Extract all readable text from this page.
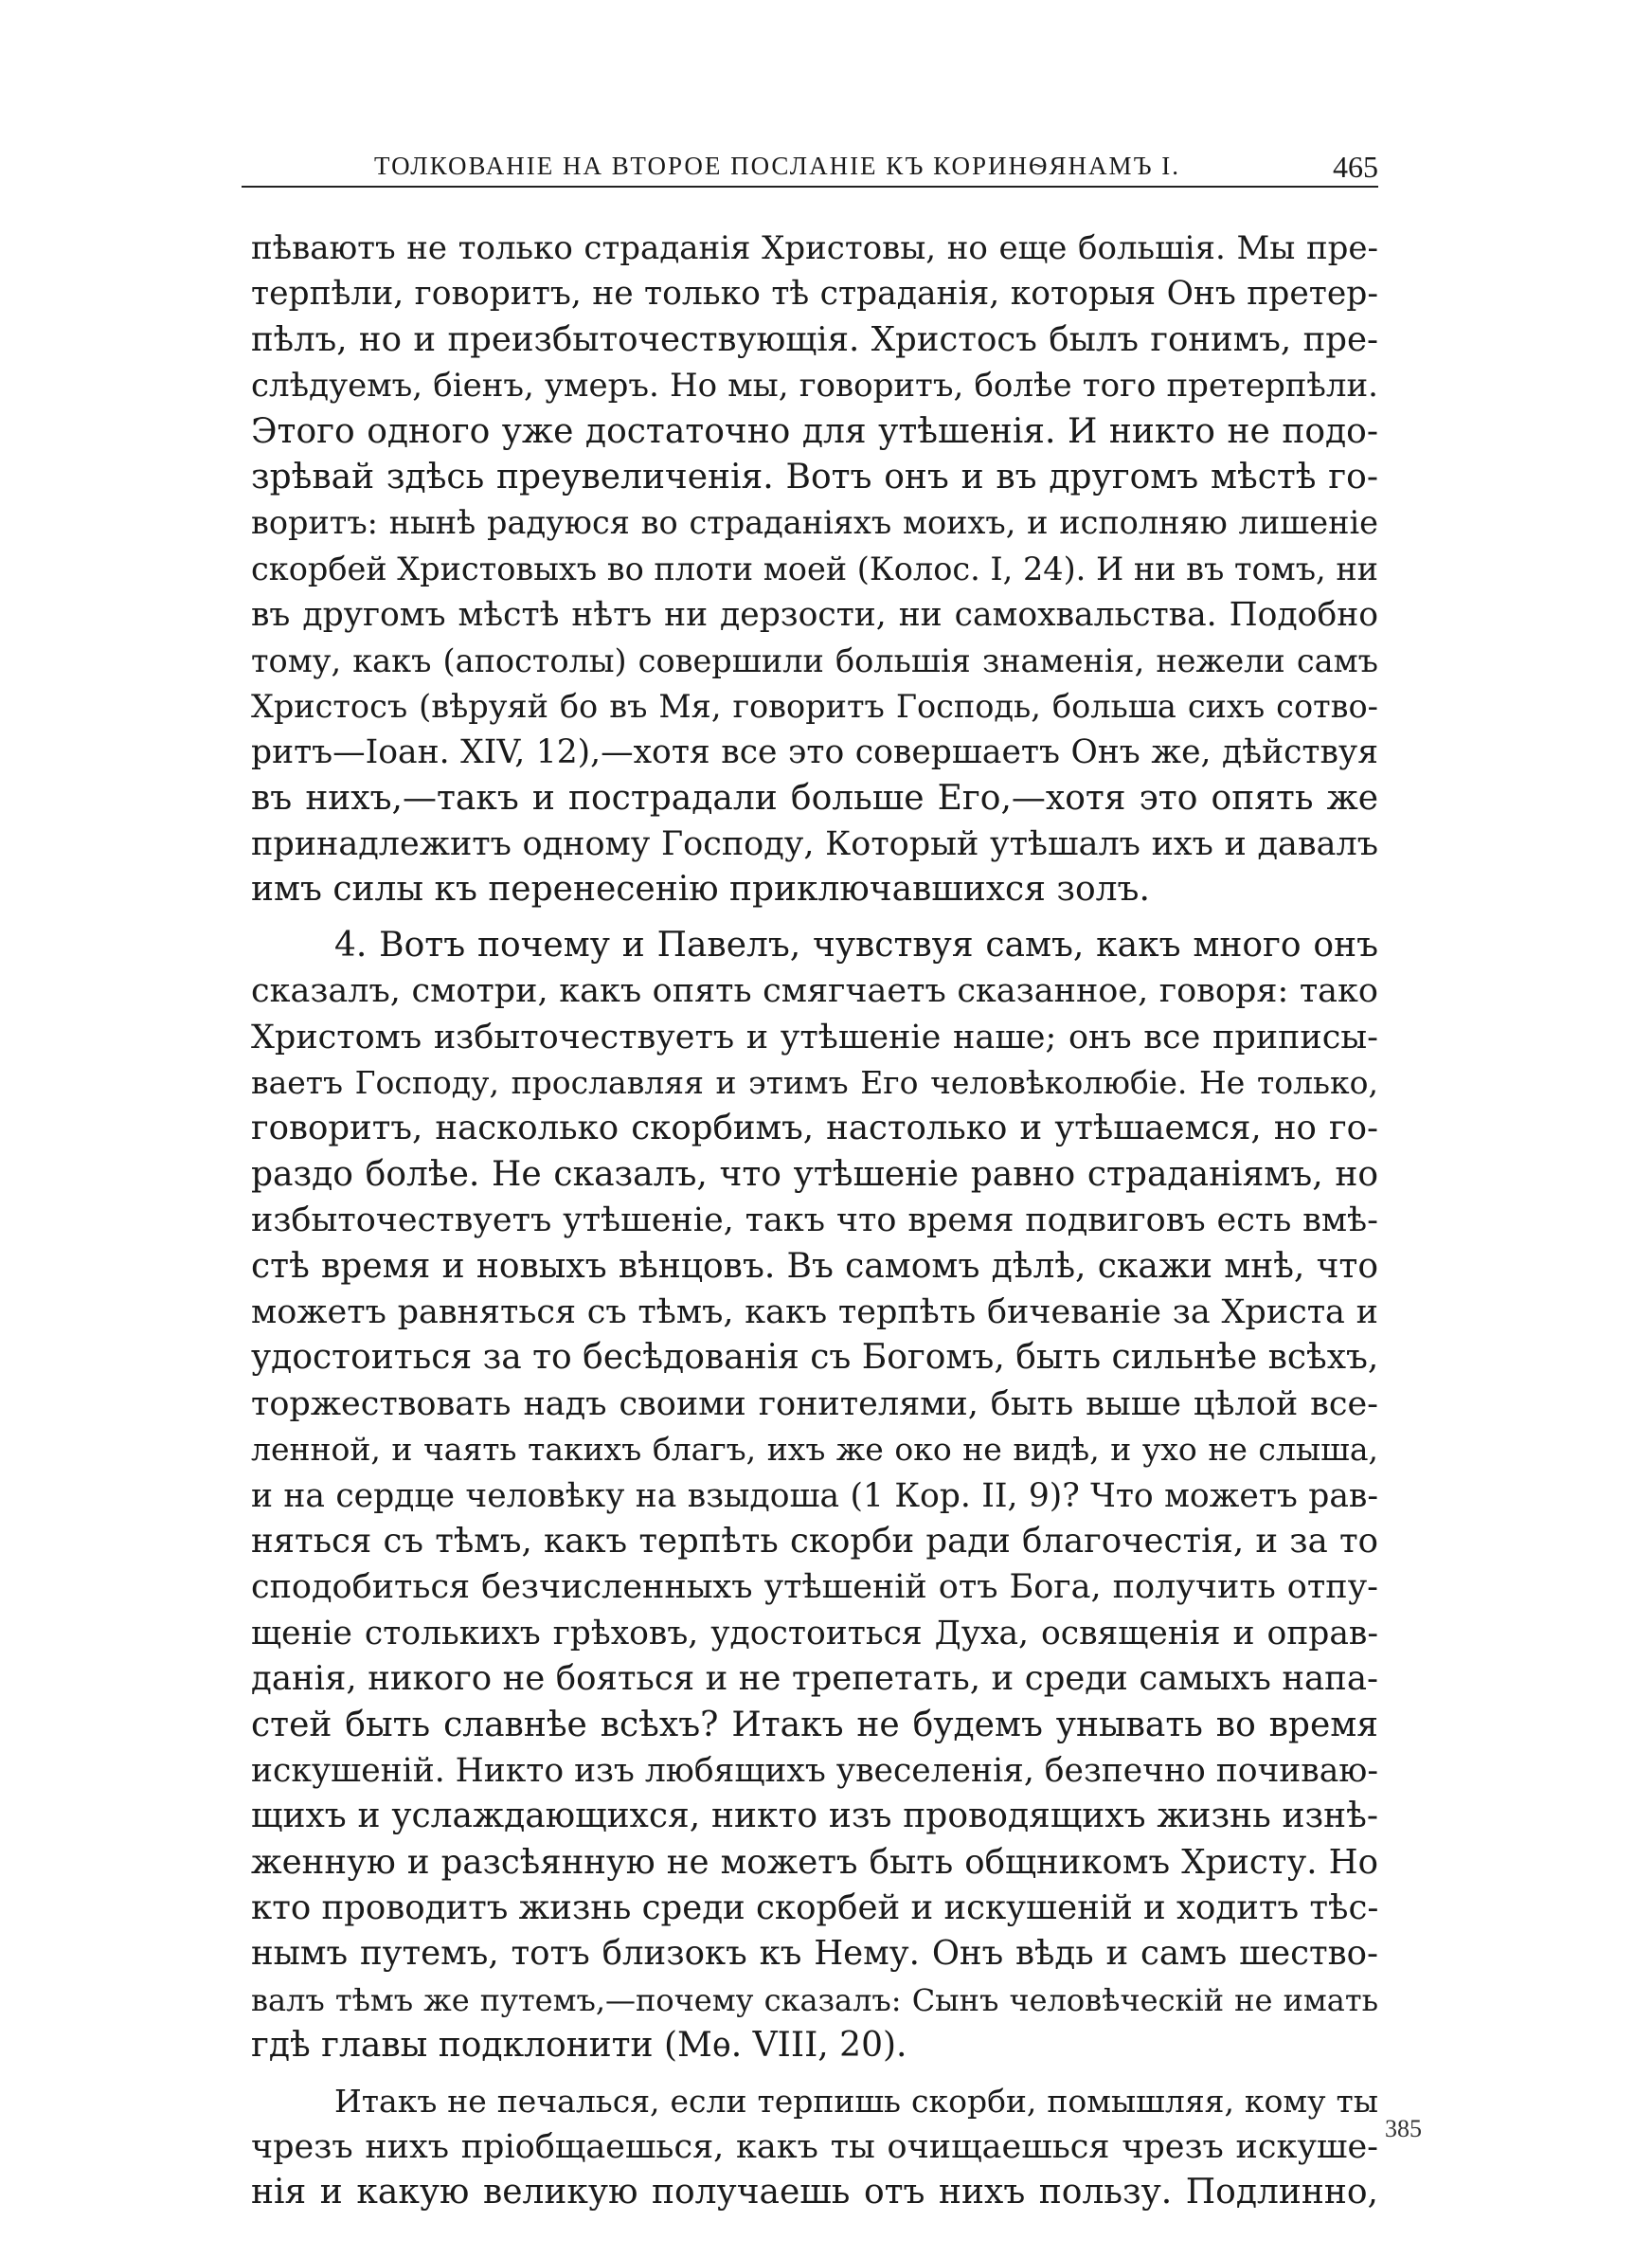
ТОЛКОВАНІЕ НА ВТОРОЕ ПОСЛАНІЕ КЪ КОРИНѲЯНАМЪ I.	465
пѣваютъ не только страданія Христовы, но еще большія. Мы пре-
терпѣли, говоритъ, не только тѣ страданія, которыя Онъ претер-
пѣлъ, но и преизбыточествующія. Христосъ былъ гонимъ, пре-
слѣдуемъ, біенъ, умеръ. Но мы, говоритъ, болѣе того претерпѣли.
Этого одного уже достаточно для утѣшенія. И никто не подо-
зрѣвай здѣсь преувеличенія. Вотъ онъ и въ другомъ мѣстѣ го-
воритъ: нынѣ радуюся во страданіяхъ моихъ, и исполняю лишеніе
скорбей Христовыхъ во плоти моей (Колос. I, 24). И ни въ томъ, ни
въ другомъ мѣстѣ нѣтъ ни дерзости, ни самохвальства. Подобно
тому, какъ (апостолы) совершили большія знаменія, нежели самъ
Христосъ (вѣруяй бо въ Мя, говоритъ Господь, больша сихъ сотво-
ритъ—Іоан. XIV, 12),—хотя все это совершаетъ Онъ же, дѣйствуя
въ нихъ,—такъ и пострадали больше Его,—хотя это опять же
принадлежитъ одному Господу, Который утѣшалъ ихъ и давалъ
имъ силы къ перенесенію приключавшихся золъ.
4. Вотъ почему и Павелъ, чувствуя самъ, какъ много онъ
сказалъ, смотри, какъ опять смягчаетъ сказанное, говоря: тако
Христомъ избыточествуетъ и утѣшеніе наше; онъ все приписы-
ваетъ Господу, прославляя и этимъ Его человѣколюбіе. Не только,
говоритъ, насколько скорбимъ, настолько и утѣшаемся, но го-
раздо болѣе. Не сказалъ, что утѣшеніе равно страданіямъ, но
избыточествуетъ утѣшеніе, такъ что время подвиговъ есть вмѣ-
стѣ время и новыхъ вѣнцовъ. Въ самомъ дѣлѣ, скажи мнѣ, что
можетъ равняться съ тѣмъ, какъ терпѣть бичеваніе за Христа и
удостоиться за то бесѣдованія съ Богомъ, быть сильнѣе всѣхъ,
торжествовать надъ своими гонителями, быть выше цѣлой все-
ленной, и чаять такихъ благъ, ихъ же око не видѣ, и ухо не слыша,
и на сердце человѣку на взыдоша (1 Кор. II, 9)? Что можетъ рав-
няться съ тѣмъ, какъ терпѣть скорби ради благочестія, и за то
сподобиться безчисленныхъ утѣшеній отъ Бога, получить отпу-
щеніе столькихъ грѣховъ, удостоиться Духа, освященія и оправ-
данія, никого не бояться и не трепетать, и среди самыхъ напа-
стей быть славнѣе всѣхъ? Итакъ не будемъ унывать во время
искушеній. Никто изъ любящихъ увеселенія, безпечно почиваю-
щихъ и услаждающихся, никто изъ проводящихъ жизнь изнѣ-
женную и разсѣянную не можетъ быть общникомъ Христу. Но
кто проводитъ жизнь среди скорбей и искушеній и ходитъ тѣс-
нымъ путемъ, тотъ близокъ къ Нему. Онъ вѣдь и самъ шество-
валъ тѣмъ же путемъ,—почему сказалъ: Сынъ человѣческій не имать
гдѣ главы подклонити (Мѳ. VIII, 20).
Итакъ не печалься, если терпишь скорби, помышляя, кому ты
чрезъ нихъ пріобщаешься, какъ ты очищаешься чрезъ искуше-
нія и какую великую получаешь отъ нихъ пользу. Подлинно,
385
